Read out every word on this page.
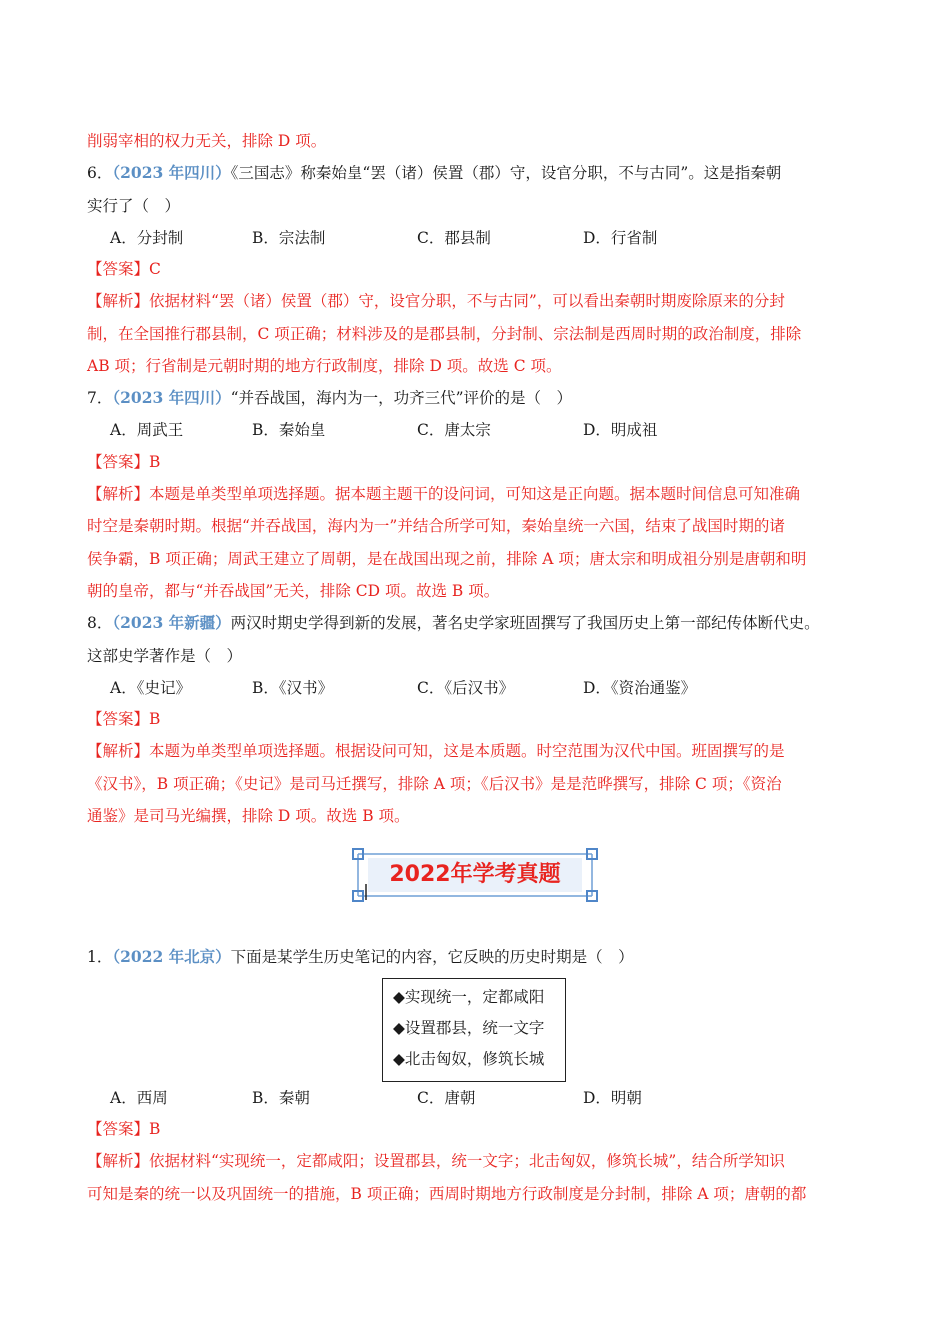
削弱宰相的权力无关，排除 D 项。
6．（2023 年四川）《三国志》称秦始皇“罢（诸）侯置（郡）守，设官分职，不与古同”。这是指秦朝
实行了（　）
A．分封制	B．宗法制	C．郡县制	D．行省制
【答案】C
【解析】依据材料“罢（诸）侯置（郡）守，设官分职，不与古同”，可以看出秦朝时期废除原来的分封
制，在全国推行郡县制，C 项正确；材料涉及的是郡县制，分封制、宗法制是西周时期的政治制度，排除
AB 项；行省制是元朝时期的地方行政制度，排除 D 项。故选 C 项。
7．（2023 年四川）“并吞战国，海内为一，功齐三代”评价的是（　）
A．周武王	B．秦始皇	C．唐太宗	D．明成祖
【答案】B
【解析】本题是单类型单项选择题。据本题主题干的设问词，可知这是正向题。据本题时间信息可知准确
时空是秦朝时期。根据“并吞战国，海内为一”并结合所学可知，秦始皇统一六国，结束了战国时期的诸
侯争霸，B 项正确；周武王建立了周朝，是在战国出现之前，排除 A 项；唐太宗和明成祖分别是唐朝和明
朝的皇帝，都与“并吞战国”无关，排除 CD 项。故选 B 项。
8．（2023 年新疆）两汉时期史学得到新的发展，著名史学家班固撰写了我国历史上第一部纪传体断代史。
这部史学著作是（　）
A．《史记》	B．《汉书》	C．《后汉书》	D．《资治通鉴》
【答案】B
【解析】本题为单类型单项选择题。根据设问可知，这是本质题。时空范围为汉代中国。班固撰写的是
《汉书》，B 项正确；《史记》是司马迁撰写，排除 A 项；《后汉书》是是范晔撰写，排除 C 项；《资治
通鉴》是司马光编撰，排除 D 项。故选 B 项。
2022年学考真题
1．（2022 年北京）下面是某学生历史笔记的内容，它反映的历史时期是（　）
◆实现统一，定都咸阳
◆设置郡县，统一文字
◆北击匈奴，修筑长城
A．西周	B．秦朝	C．唐朝	D．明朝
【答案】B
【解析】依据材料“实现统一，定都咸阳；设置郡县，统一文字；北击匈奴，修筑长城”，结合所学知识
可知是秦的统一以及巩固统一的措施，B 项正确；西周时期地方行政制度是分封制，排除 A 项；唐朝的都
